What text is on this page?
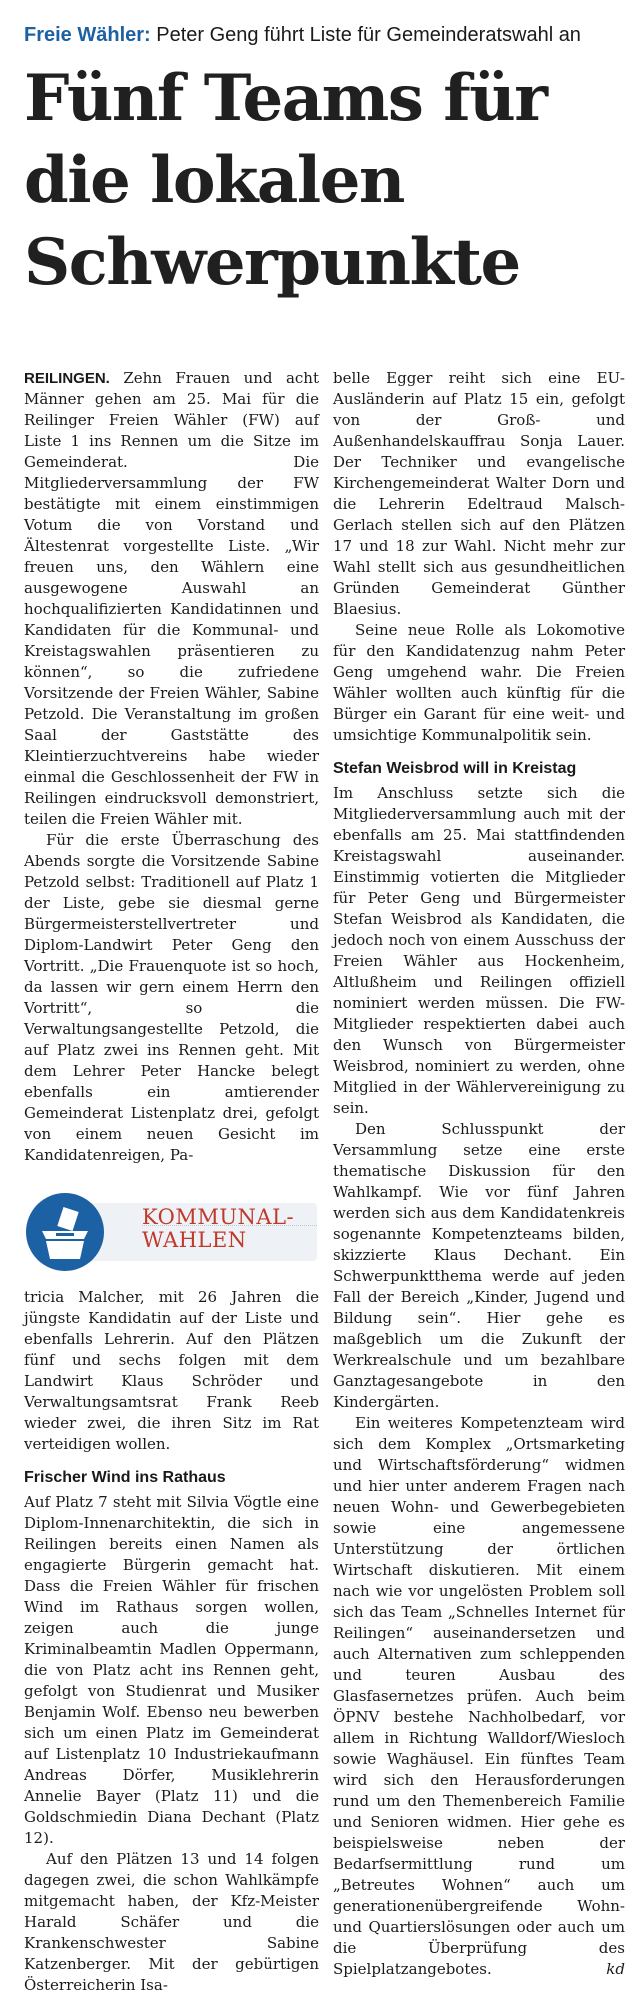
Freie Wähler: Peter Geng führt Liste für Gemeinderatswahl an
Fünf Teams für
die lokalen
Schwerpunkte

REILINGEN. Zehn Frauen und acht Männer gehen am 25. Mai für die Reilinger Freien Wähler (FW) auf Liste 1 ins Rennen um die Sitze im Gemeinderat. Die Mitgliederversammlung der FW bestätigte mit einem einstimmigen Votum die von Vorstand und Ältestenrat vorgestellte Liste. „Wir freuen uns, den Wählern eine ausgewogene Auswahl an hochqualifizierten Kandidatinnen und Kandidaten für die Kommunal- und Kreistagswahlen präsentieren zu können“, so die zufriedene Vorsitzende der Freien Wähler, Sabine Petzold. Die Veranstaltung im großen Saal der Gaststätte des Kleintierzuchtvereins habe wieder einmal die Geschlossenheit der FW in Reilingen eindrucksvoll demonstriert, teilen die Freien Wähler mit.

Für die erste Überraschung des Abends sorgte die Vorsitzende Sabine Petzold selbst: Traditionell auf Platz 1 der Liste, gebe sie diesmal gerne Bürgermeisterstellvertreter und Diplom-Landwirt Peter Geng den Vortritt. „Die Frauenquote ist so hoch, da lassen wir gern einem Herrn den Vortritt“, so die Verwaltungsangestellte Petzold, die auf Platz zwei ins Rennen geht. Mit dem Lehrer Peter Hancke belegt ebenfalls ein amtierender Gemeinderat Listenplatz drei, gefolgt von einem neuen Gesicht im Kandidatenreigen, Pa-

KOMMUNAL-
WAHLEN

tricia Malcher, mit 26 Jahren die jüngste Kandidatin auf der Liste und ebenfalls Lehrerin. Auf den Plätzen fünf und sechs folgen mit dem Landwirt Klaus Schröder und Verwaltungsamtsrat Frank Reeb wieder zwei, die ihren Sitz im Rat verteidigen wollen.

Frischer Wind ins Rathaus

Auf Platz 7 steht mit Silvia Vögtle eine Diplom-Innenarchitektin, die sich in Reilingen bereits einen Namen als engagierte Bürgerin gemacht hat. Dass die Freien Wähler für frischen Wind im Rathaus sorgen wollen, zeigen auch die junge Kriminalbeamtin Madlen Oppermann, die von Platz acht ins Rennen geht, gefolgt von Studienrat und Musiker Benjamin Wolf. Ebenso neu bewerben sich um einen Platz im Gemeinderat auf Listenplatz 10 Industriekaufmann Andreas Dörfer, Musiklehrerin Annelie Bayer (Platz 11) und die Goldschmiedin Diana Dechant (Platz 12).

Auf den Plätzen 13 und 14 folgen dagegen zwei, die schon Wahlkämpfe mitgemacht haben, der Kfz-Meister Harald Schäfer und die Krankenschwester Sabine Katzenberger. Mit der gebürtigen Österreicherin Isa-

belle Egger reiht sich eine EU-Ausländerin auf Platz 15 ein, gefolgt von der Groß- und Außenhandelskauffrau Sonja Lauer. Der Techniker und evangelische Kirchengemeinderat Walter Dorn und die Lehrerin Edeltraud Malsch-Gerlach stellen sich auf den Plätzen 17 und 18 zur Wahl. Nicht mehr zur Wahl stellt sich aus gesundheitlichen Gründen Gemeinderat Günther Blaesius.

Seine neue Rolle als Lokomotive für den Kandidatenzug nahm Peter Geng umgehend wahr. Die Freien Wähler wollten auch künftig für die Bürger ein Garant für eine weit- und umsichtige Kommunalpolitik sein.

Stefan Weisbrod will in Kreistag

Im Anschluss setzte sich die Mitgliederversammlung auch mit der ebenfalls am 25. Mai stattfindenden Kreistagswahl auseinander. Einstimmig votierten die Mitglieder für Peter Geng und Bürgermeister Stefan Weisbrod als Kandidaten, die jedoch noch von einem Ausschuss der Freien Wähler aus Hockenheim, Altlußheim und Reilingen offiziell nominiert werden müssen. Die FW-Mitglieder respektierten dabei auch den Wunsch von Bürgermeister Weisbrod, nominiert zu werden, ohne Mitglied in der Wählervereinigung zu sein.

Den Schlusspunkt der Versammlung setze eine erste thematische Diskussion für den Wahlkampf. Wie vor fünf Jahren werden sich aus dem Kandidatenkreis sogenannte Kompetenzteams bilden, skizzierte Klaus Dechant. Ein Schwerpunktthema werde auf jeden Fall der Bereich „Kinder, Jugend und Bildung sein“. Hier gehe es maßgeblich um die Zukunft der Werkrealschule und um bezahlbare Ganztagesangebote in den Kindergärten.

Ein weiteres Kompetenzteam wird sich dem Komplex „Ortsmarketing und Wirtschaftsförderung“ widmen und hier unter anderem Fragen nach neuen Wohn- und Gewerbegebieten sowie eine angemessene Unterstützung der örtlichen Wirtschaft diskutieren. Mit einem nach wie vor ungelösten Problem soll sich das Team „Schnelles Internet für Reilingen“ auseinandersetzen und auch Alternativen zum schleppenden und teuren Ausbau des Glasfasernetzes prüfen. Auch beim ÖPNV bestehe Nachholbedarf, vor allem in Richtung Walldorf/Wiesloch sowie Waghäusel. Ein fünftes Team wird sich den Herausforderungen rund um den Themenbereich Familie und Senioren widmen. Hier gehe es beispielsweise neben der Bedarfsermittlung rund um „Betreutes Wohnen“ auch um generationenübergreifende Wohn- und Quartierslösungen oder auch um die Überprüfung des Spielplatzangebotes.	kd
